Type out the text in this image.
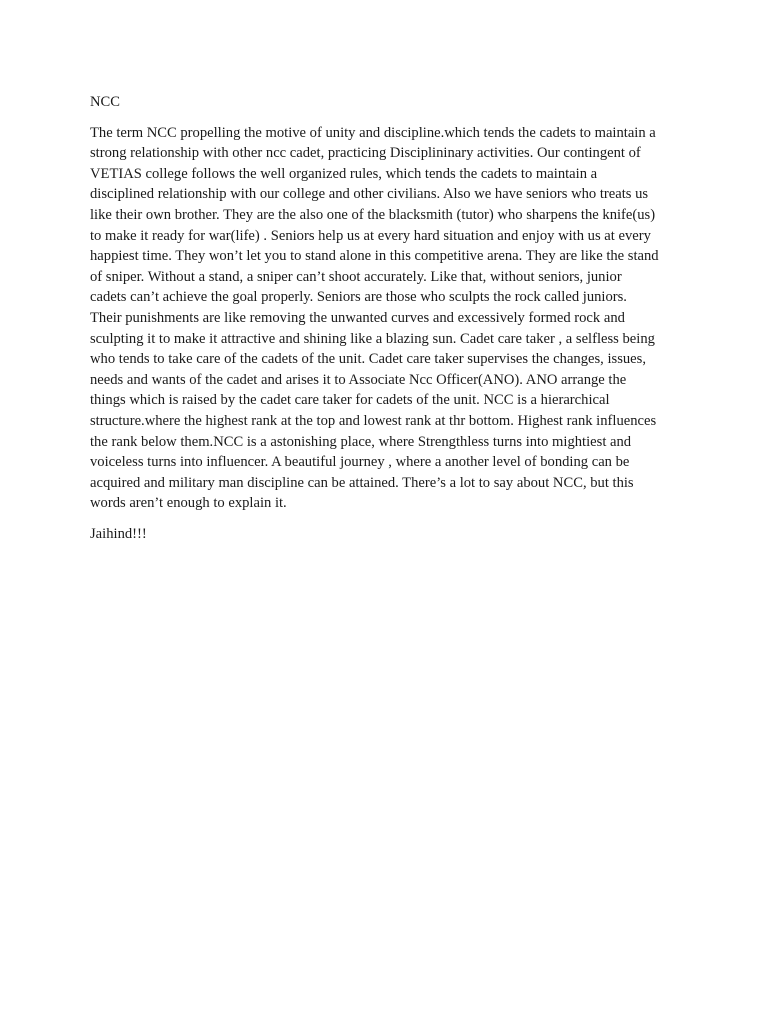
NCC
The term NCC propelling the motive of unity and discipline.which tends the cadets to maintain a
strong relationship with other ncc cadet, practicing Disciplininary activities. Our contingent of
VETIAS college follows the well organized rules, which tends the cadets to maintain a
disciplined relationship with our college and other civilians. Also we have seniors who treats us
like their own brother. They are the also one of the blacksmith (tutor) who sharpens the knife(us)
to make it ready for war(life) . Seniors help us at every hard situation and enjoy with us at every
happiest time. They won’t let you to stand alone in this competitive arena. They are like the stand
of sniper. Without a stand, a sniper can’t shoot accurately. Like that, without seniors, junior
cadets can’t achieve the goal properly. Seniors are those who sculpts the rock called juniors.
Their punishments are like removing the unwanted curves and excessively formed rock and
sculpting it to make it attractive and shining like a blazing sun. Cadet care taker , a selfless being
who tends to take care of the cadets of the unit. Cadet care taker supervises the changes, issues,
needs and wants of the cadet and arises it to Associate Ncc Officer(ANO). ANO arrange the
things which is raised by the cadet care taker for cadets of the unit. NCC is a hierarchical
structure.where the highest rank at the top and lowest rank at thr bottom. Highest rank influences
the rank below them.NCC is a astonishing place, where Strengthless turns into mightiest and
voiceless turns into influencer. A beautiful journey , where a another level of bonding can be
acquired and military man discipline can be attained. There’s a lot to say about NCC, but this
words aren’t enough to explain it.
Jaihind!!!
